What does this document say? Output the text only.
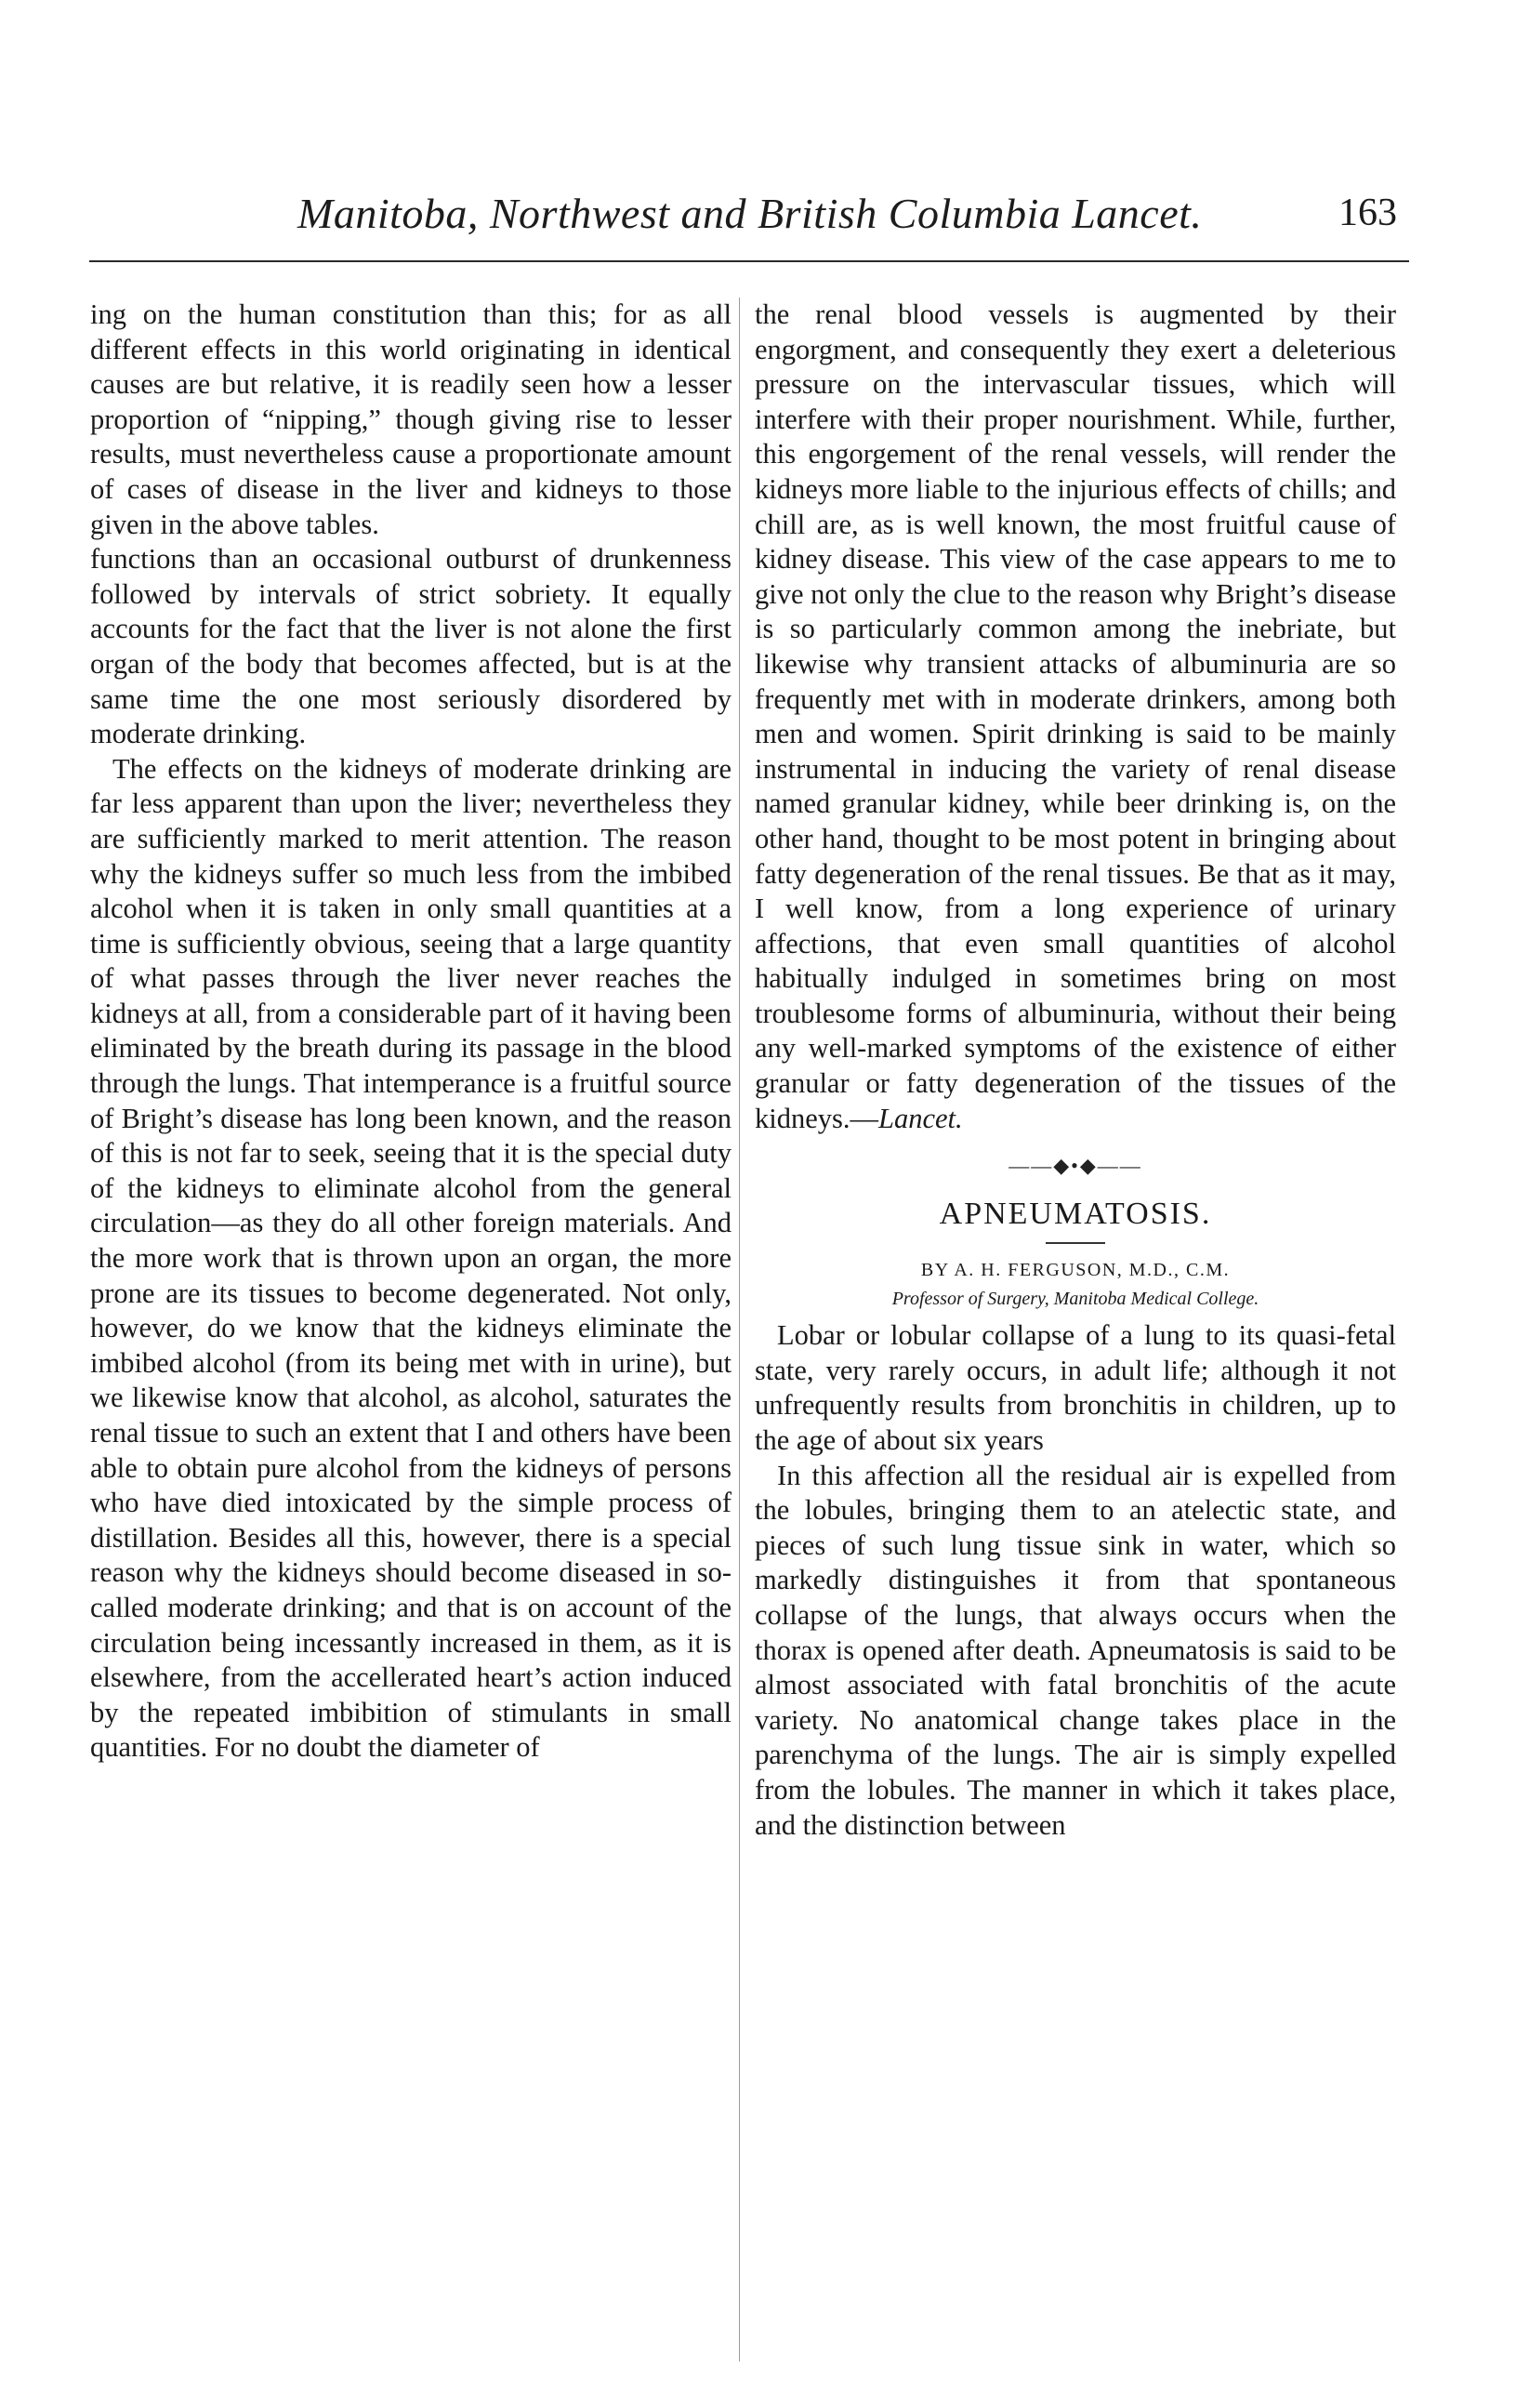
Manitoba, Northwest and British Columbia Lancet.	163

ing on the human constitution than this; for as all different effects in this world originating in identical causes are but relative, it is readily seen how a lesser proportion of “nipping,” though giving rise to lesser results, must nevertheless cause a proportionate amount of cases of disease in the liver and kidneys to those given in the above tables.

functions than an occasional outburst of drunkenness followed by intervals of strict sobriety. It equally accounts for the fact that the liver is not alone the first organ of the body that becomes affected, but is at the same time the one most seriously disordered by moderate drinking.

The effects on the kidneys of moderate drinking are far less apparent than upon the liver; nevertheless they are sufficiently marked to merit attention. The reason why the kidneys suffer so much less from the imbibed alcohol when it is taken in only small quantities at a time is sufficiently obvious, seeing that a large quantity of what passes through the liver never reaches the kidneys at all, from a considerable part of it having been eliminated by the breath during its passage in the blood through the lungs. That intemperance is a fruitful source of Bright’s disease has long been known, and the reason of this is not far to seek, seeing that it is the special duty of the kidneys to eliminate alcohol from the general circulation—as they do all other foreign materials. And the more work that is thrown upon an organ, the more prone are its tissues to become degenerated. Not only, however, do we know that the kidneys eliminate the imbibed alcohol (from its being met with in urine), but we likewise know that alcohol, as alcohol, saturates the renal tissue to such an extent that I and others have been able to obtain pure alcohol from the kidneys of persons who have died intoxicated by the simple process of distillation. Besides all this, however, there is a special reason why the kidneys should become diseased in so-called moderate drinking; and that is on account of the circulation being incessantly increased in them, as it is elsewhere, from the accellerated heart’s action induced by the repeated imbibition of stimulants in small quantities. For no doubt the diameter of

the renal blood vessels is augmented by their engorgment, and consequently they exert a deleterious pressure on the intervascular tissues, which will interfere with their proper nourishment. While, further, this engorgement of the renal vessels, will render the kidneys more liable to the injurious effects of chills; and chill are, as is well known, the most fruitful cause of kidney disease. This view of the case appears to me to give not only the clue to the reason why Bright’s disease is so particularly common among the inebriate, but likewise why transient attacks of albuminuria are so frequently met with in moderate drinkers, among both men and women. Spirit drinking is said to be mainly instrumental in inducing the variety of renal disease named granular kidney, while beer drinking is, on the other hand, thought to be most potent in bringing about fatty degeneration of the renal tissues. Be that as it may, I well know, from a long experience of urinary affections, that even small quantities of alcohol habitually indulged in sometimes bring on most troublesome forms of albuminuria, without their being any well-marked symptoms of the existence of either granular or fatty degeneration of the tissues of the kidneys.—Lancet.

——◆•◆——
APNEUMATOSIS.
BY A. H. FERGUSON, M.D., C.M.
Professor of Surgery, Manitoba Medical College.

Lobar or lobular collapse of a lung to its quasi-fetal state, very rarely occurs, in adult life; although it not unfrequently results from bronchitis in children, up to the age of about six years

In this affection all the residual air is expelled from the lobules, bringing them to an atelectic state, and pieces of such lung tissue sink in water, which so markedly distinguishes it from that spontaneous collapse of the lungs, that always occurs when the thorax is opened after death. Apneumatosis is said to be almost associated with fatal bronchitis of the acute variety. No anatomical change takes place in the parenchyma of the lungs. The air is simply expelled from the lobules. The manner in which it takes place, and the distinction between
